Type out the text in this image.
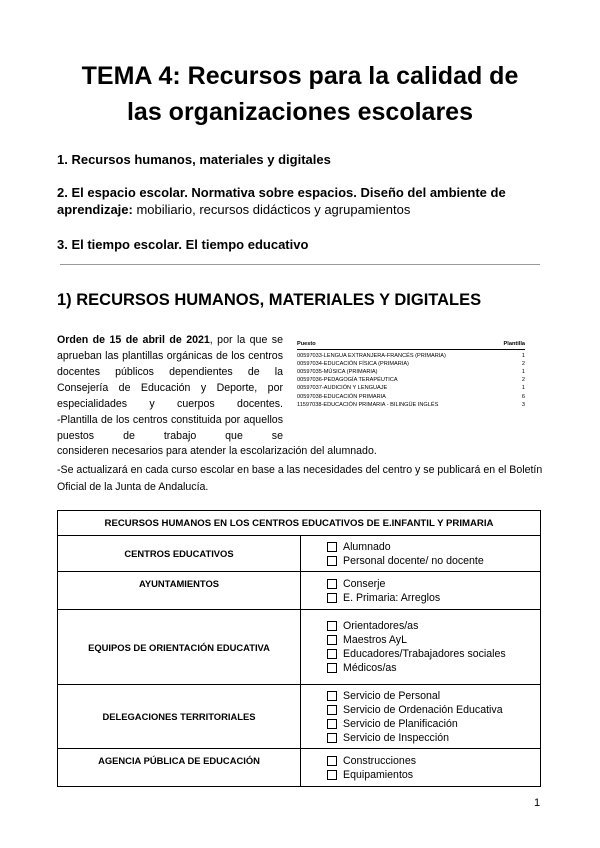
TEMA 4: Recursos para la calidad de
las organizaciones escolares
1. Recursos humanos, materiales y digitales
2. El espacio escolar. Normativa sobre espacios. Diseño del ambiente de aprendizaje: mobiliario, recursos didácticos y agrupamientos
3. El tiempo escolar. El tiempo educativo
1) RECURSOS HUMANOS, MATERIALES Y DIGITALES
Orden de 15 de abril de 2021, por la que se aprueban las plantillas orgánicas de los centros docentes públicos dependientes de la Consejería de Educación y Deporte, por especialidades y cuerpos docentes.
-Plantilla de los centros constituida por aquellos puestos de trabajo que se
consideren necesarios para atender la escolarización del alumnado.
-Se actualizará en cada curso escolar en base a las necesidades del centro y se publicará en el Boletín Oficial de la Junta de Andalucía.
Puesto	Plantilla
00597033-LENGUA EXTRANJERA-FRANCÉS (PRIMARIA)	1
00597034-EDUCACIÓN FÍSICA (PRIMARIA)	2
00597035-MÚSICA (PRIMARIA)	1
00597036-PEDAGOGÍA TERAPÉUTICA	2
00597037-AUDICIÓN Y LENGUAJE	1
00597038-EDUCACIÓN PRIMARIA	6
11597038-EDUCACIÓN PRIMARIA - BILINGÜE INGLÉS	3
RECURSOS HUMANOS EN LOS CENTROS EDUCATIVOS DE E.INFANTIL Y PRIMARIA	
CENTROS EDUCATIVOS	Alumnado
Personal docente/ no docente

AYUNTAMIENTOS	Conserje
E. Primaria: Arreglos

EQUIPOS DE ORIENTACIÓN EDUCATIVA	Orientadores/as
Maestros AyL
Educadores/Trabajadores sociales
Médicos/as

DELEGACIONES TERRITORIALES	Servicio de Personal
Servicio de Ordenación Educativa
Servicio de Planificación
Servicio de Inspección

AGENCIA PÚBLICA DE EDUCACIÓN	Construcciones
Equipamientos
1
